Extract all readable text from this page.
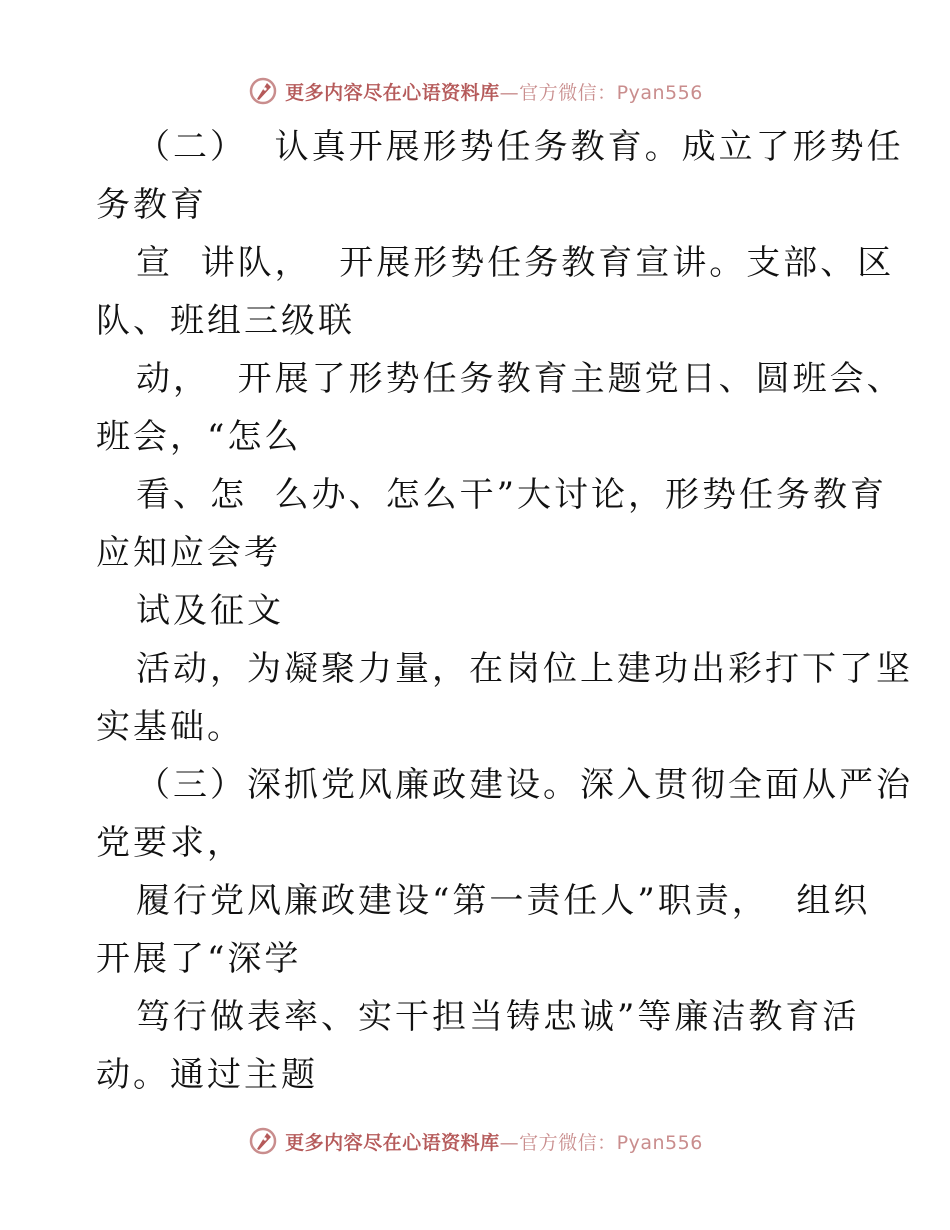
更多内容尽在心语资料库—官方微信：Pyan556
（二）  认真开展形势任务教育。成立了形势任
务教育
宣  讲队，  开展形势任务教育宣讲。支部、区
队、班组三级联
动，  开展了形势任务教育主题党日、圆班会、
班会，“怎么
看、怎  么办、怎么干”大讨论，形势任务教育
应知应会考
试及征文
活动，为凝聚力量，在岗位上建功出彩打下了坚
实基础。
（三）深抓党风廉政建设。深入贯彻全面从严治
党要求，
履行党风廉政建设“第一责任人”职责，  组织
开展了“深学
笃行做表率、实干担当铸忠诚”等廉洁教育活
动。通过主题
更多内容尽在心语资料库—官方微信：Pyan556
